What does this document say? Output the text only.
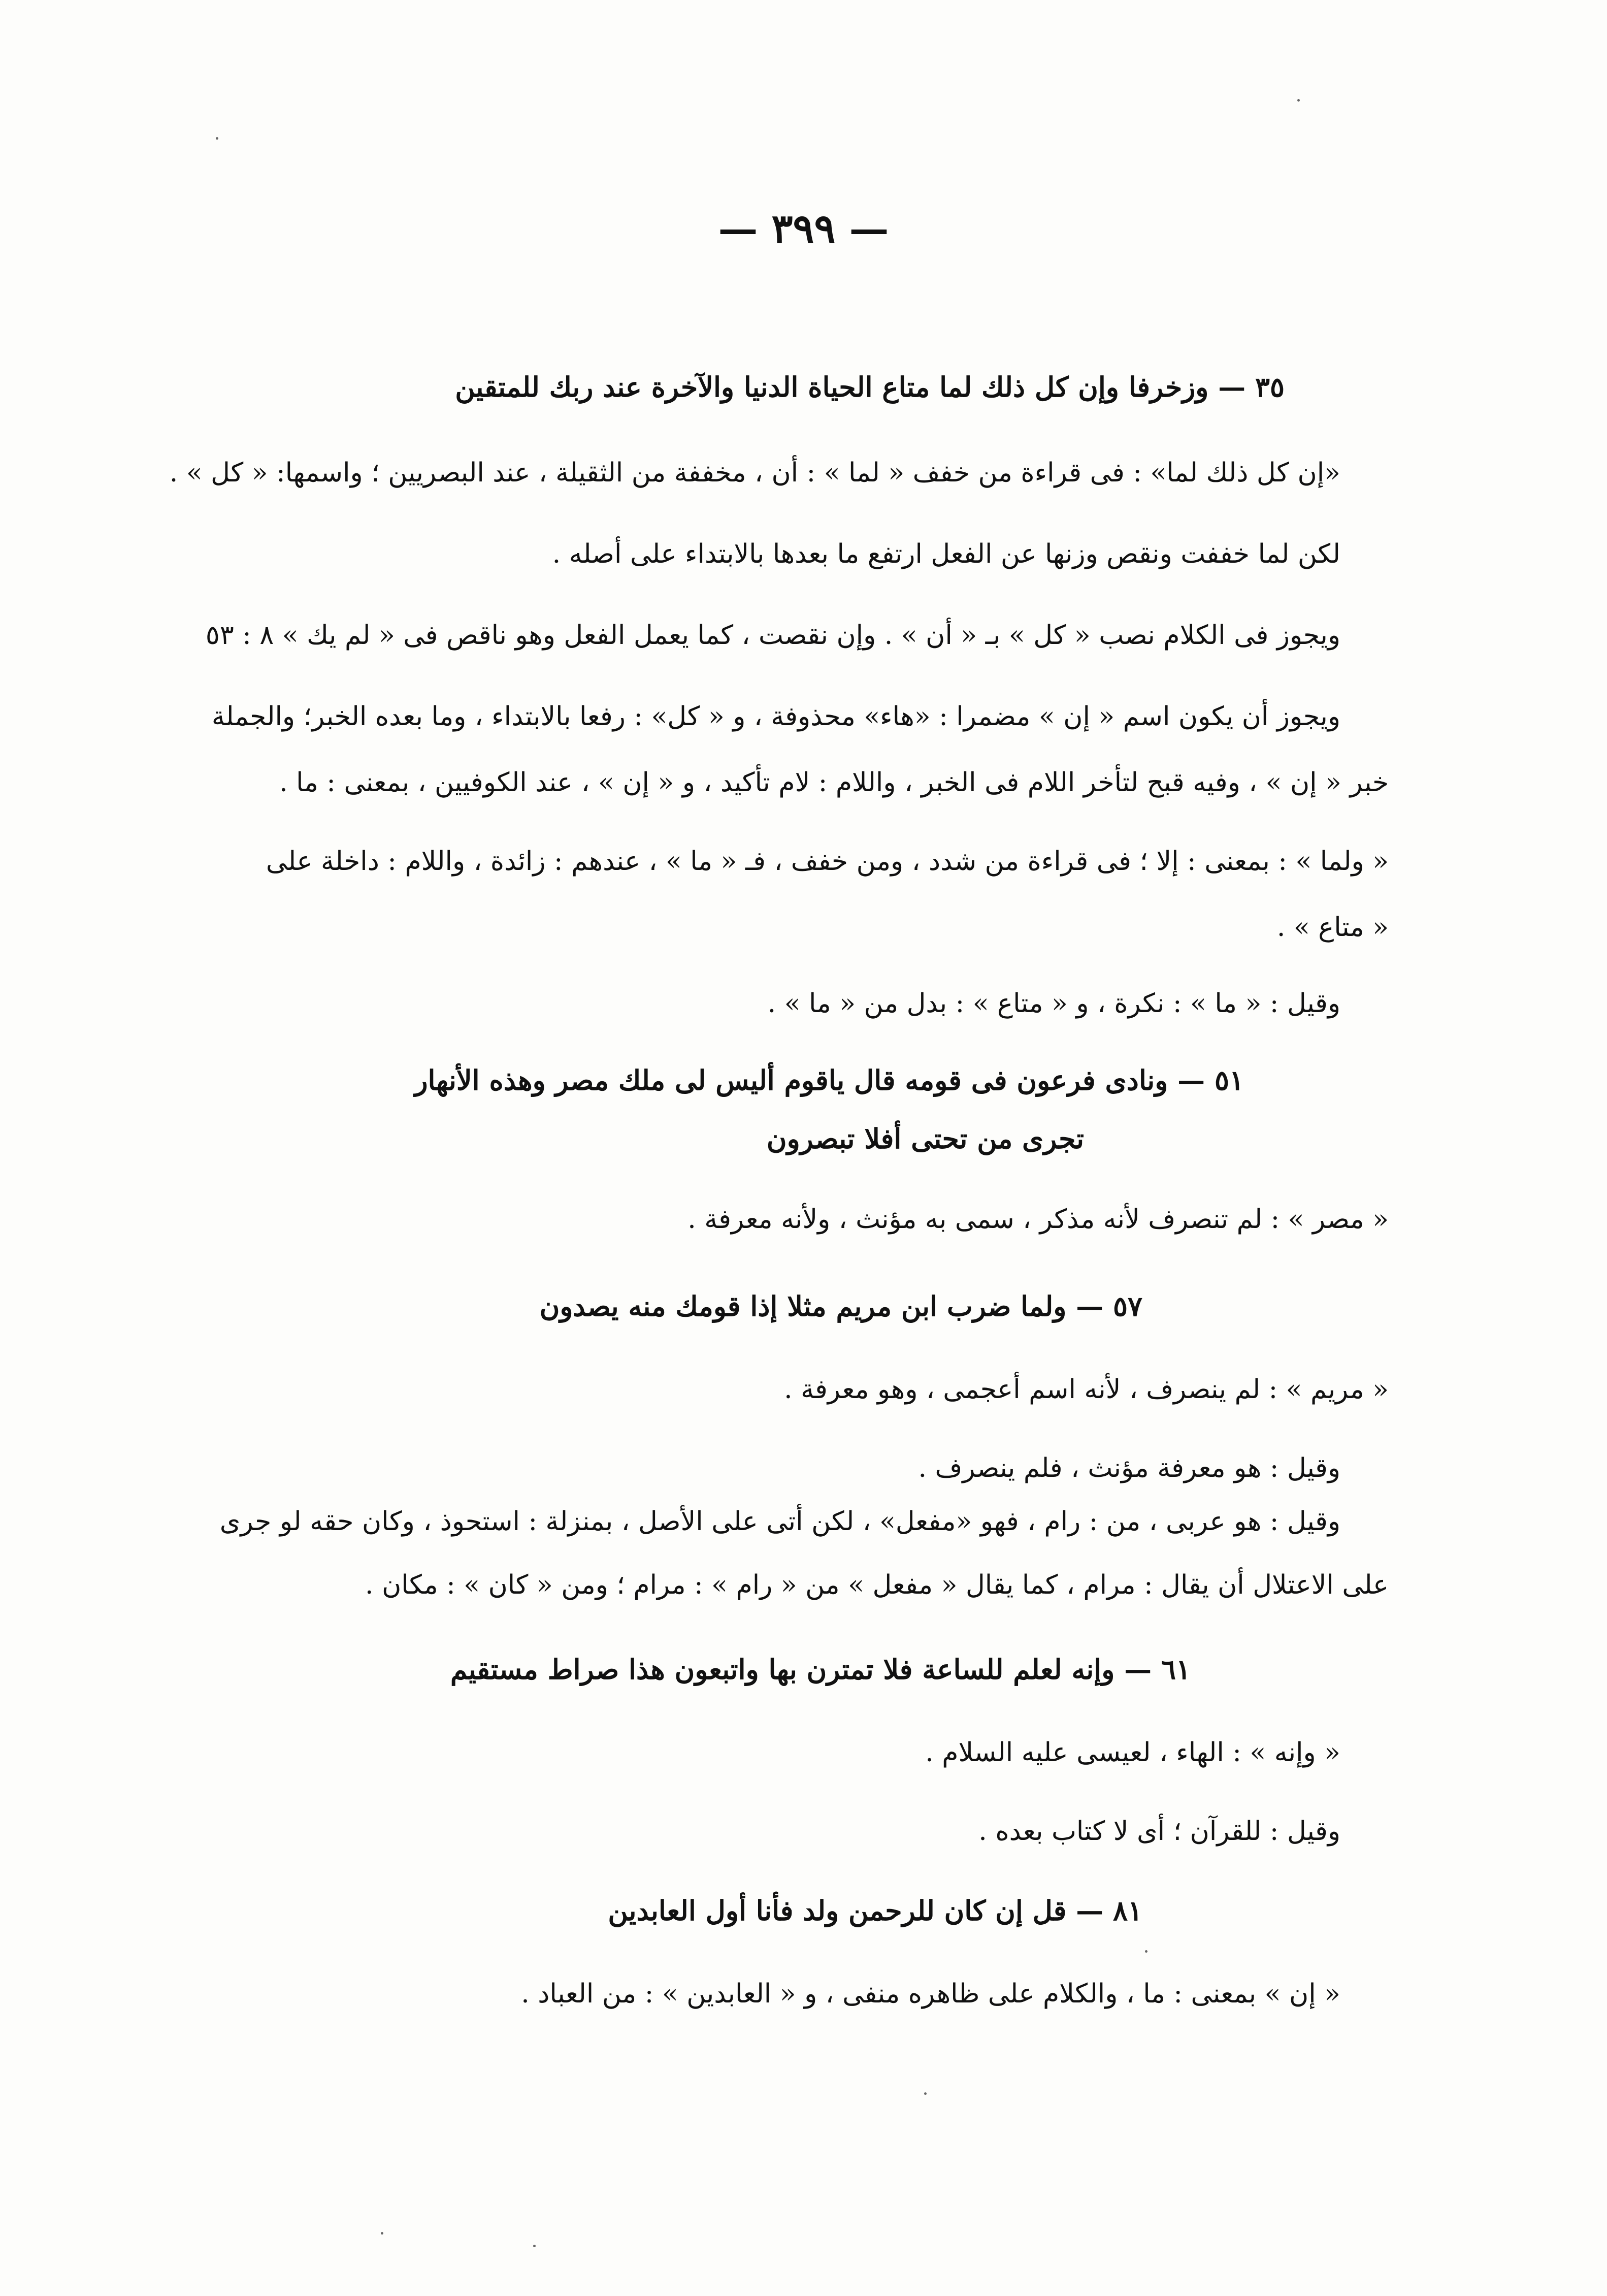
— ٣٩٩ —
٣٥ — وزخرفا وإن كل ذلك لما متاع الحياة الدنيا والآخرة عند ربك للمتقين
«إن كل ذلك لما» : فى قراءة من خفف « لما » : أن ، مخففة من الثقيلة ، عند البصريين ؛ واسمها: « كل » .
لكن لما خففت ونقص وزنها عن الفعل ارتفع ما بعدها بالابتداء على أصله .
ويجوز فى الكلام نصب « كل » بـ « أن » . وإن نقصت ، كما يعمل الفعل وهو ناقص فى « لم يك » ٨ : ٥٣
ويجوز أن يكون اسم « إن » مضمرا : «هاء» محذوفة ، و « كل» : رفعا بالابتداء ، وما بعده الخبر؛ والجملة
خبر « إن » ، وفيه قبح لتأخر اللام فى الخبر ، واللام : لام تأكيد ، و « إن » ، عند الكوفيين ، بمعنى : ما .
« ولما » : بمعنى : إلا ؛ فى قراءة من شدد ، ومن خفف ، فـ « ما » ، عندهم : زائدة ، واللام : داخلة على
« متاع » .
وقيل : « ما » : نكرة ، و « متاع » : بدل من « ما » .
٥١ — ونادى فرعون فى قومه قال ياقوم أليس لى ملك مصر وهذه الأنهار
تجرى من تحتى أفلا تبصرون
« مصر » : لم تنصرف لأنه مذكر ، سمى به مؤنث ، ولأنه معرفة .
٥٧ — ولما ضرب ابن مريم مثلا إذا قومك منه يصدون
« مريم » : لم ينصرف ، لأنه اسم أعجمى ، وهو معرفة .
وقيل : هو معرفة مؤنث ، فلم ينصرف .
وقيل : هو عربى ، من : رام ، فهو «مفعل» ، لكن أتى على الأصل ، بمنزلة : استحوذ ، وكان حقه لو جرى
على الاعتلال أن يقال : مرام ، كما يقال « مفعل » من « رام » : مرام ؛ ومن « كان » : مكان .
٦١ — وإنه لعلم للساعة فلا تمترن بها واتبعون هذا صراط مستقيم
« وإنه » : الهاء ، لعيسى عليه السلام .
وقيل : للقرآن ؛ أى لا كتاب بعده .
٨١ — قل إن كان للرحمن ولد فأنا أول العابدين
« إن » بمعنى : ما ، والكلام على ظاهره منفى ، و « العابدين » : من العباد .
